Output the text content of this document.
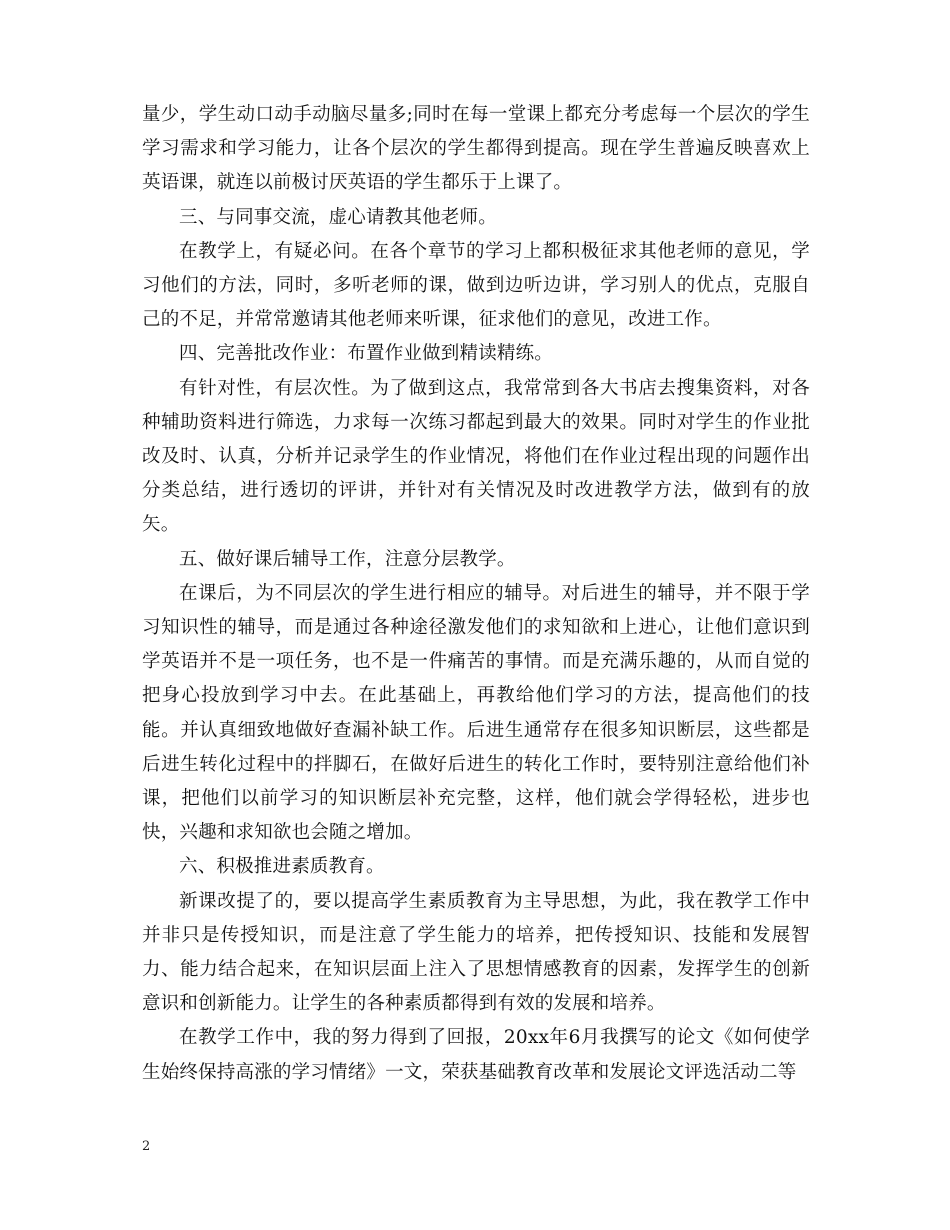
量少，学生动口动手动脑尽量多;同时在每一堂课上都充分考虑每一个层次的学生学习需求和学习能力，让各个层次的学生都得到提高。现在学生普遍反映喜欢上英语课，就连以前极讨厌英语的学生都乐于上课了。

三、与同事交流，虚心请教其他老师。

在教学上，有疑必问。在各个章节的学习上都积极征求其他老师的意见，学习他们的方法，同时，多听老师的课，做到边听边讲，学习别人的优点，克服自己的不足，并常常邀请其他老师来听课，征求他们的意见，改进工作。

四、完善批改作业：布置作业做到精读精练。

有针对性，有层次性。为了做到这点，我常常到各大书店去搜集资料，对各种辅助资料进行筛选，力求每一次练习都起到最大的效果。同时对学生的作业批改及时、认真，分析并记录学生的作业情况，将他们在作业过程出现的问题作出分类总结，进行透切的评讲，并针对有关情况及时改进教学方法，做到有的放矢。

五、做好课后辅导工作，注意分层教学。

在课后，为不同层次的学生进行相应的辅导。对后进生的辅导，并不限于学习知识性的辅导，而是通过各种途径激发他们的求知欲和上进心，让他们意识到学英语并不是一项任务，也不是一件痛苦的事情。而是充满乐趣的，从而自觉的把身心投放到学习中去。在此基础上，再教给他们学习的方法，提高他们的技能。并认真细致地做好查漏补缺工作。后进生通常存在很多知识断层，这些都是后进生转化过程中的拌脚石，在做好后进生的转化工作时，要特别注意给他们补课，把他们以前学习的知识断层补充完整，这样，他们就会学得轻松，进步也快，兴趣和求知欲也会随之增加。

六、积极推进素质教育。

新课改提了的，要以提高学生素质教育为主导思想，为此，我在教学工作中并非只是传授知识，而是注意了学生能力的培养，把传授知识、技能和发展智力、能力结合起来，在知识层面上注入了思想情感教育的因素，发挥学生的创新意识和创新能力。让学生的各种素质都得到有效的发展和培养。

在教学工作中，我的努力得到了回报，20xx年6月我撰写的论文《如何使学生始终保持高涨的学习情绪》一文，荣获基础教育改革和发展论文评选活动二等

2
